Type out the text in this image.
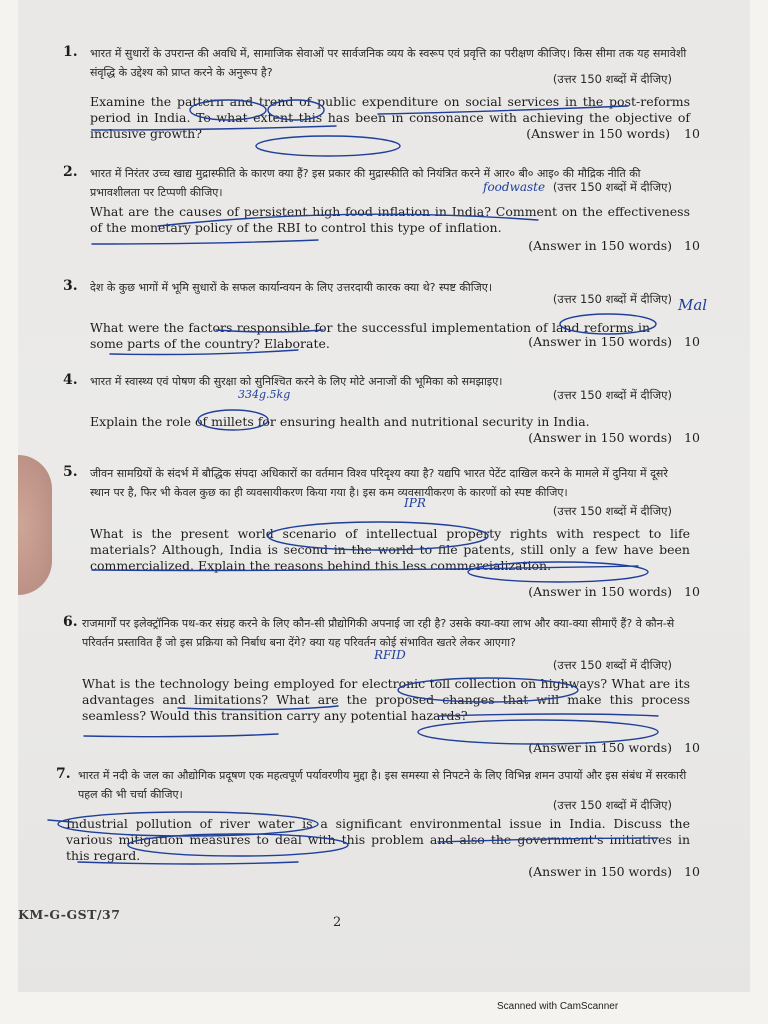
1. भारत में सुधारों के उपरान्त की अवधि में, सामाजिक सेवाओं पर सार्वजनिक व्यय के स्वरूप एवं प्रवृत्ति का परीक्षण कीजिए। किस सीमा तक यह समावेशी संवृद्धि के उद्देश्य को प्राप्त करने के अनुरूप है?	(उत्तर 150 शब्दों में दीजिए)
Examine the pattern and trend of public expenditure on social services in the post-reforms period in India. To what extent this has been in consonance with achieving the objective of inclusive growth?	(Answer in 150 words) 10
2. भारत में निरंतर उच्च खाद्य मुद्रास्फीति के कारण क्या हैं? इस प्रकार की मुद्रास्फीति को नियंत्रित करने में आर० बी० आइ० की मौद्रिक नीति की प्रभावशीलता पर टिप्पणी कीजिए।	(उत्तर 150 शब्दों में दीजिए)
What are the causes of persistent high food inflation in India? Comment on the effectiveness of the monetary policy of the RBI to control this type of inflation.
(Answer in 150 words) 10
3. देश के कुछ भागों में भूमि सुधारों के सफल कार्यान्वयन के लिए उत्तरदायी कारक क्या थे? स्पष्ट कीजिए।
(उत्तर 150 शब्दों में दीजिए)
What were the factors responsible for the successful implementation of land reforms in some parts of the country? Elaborate.	(Answer in 150 words) 10
4. भारत में स्वास्थ्य एवं पोषण की सुरक्षा को सुनिश्चित करने के लिए मोटे अनाजों की भूमिका को समझाइए।
(उत्तर 150 शब्दों में दीजिए)
Explain the role of millets for ensuring health and nutritional security in India.
(Answer in 150 words) 10
5. जीवन सामग्रियों के संदर्भ में बौद्धिक संपदा अधिकारों का वर्तमान विश्व परिदृश्य क्या है? यद्यपि भारत पेटेंट दाखिल करने के मामले में दुनिया में दूसरे स्थान पर है, फिर भी केवल कुछ का ही व्यवसायीकरण किया गया है। इस कम व्यवसायीकरण के कारणों को स्पष्ट कीजिए।
(उत्तर 150 शब्दों में दीजिए)
What is the present world scenario of intellectual property rights with respect to life materials? Although, India is second in the world to file patents, still only a few have been commercialized. Explain the reasons behind this less commercialization.
(Answer in 150 words) 10
6. राजमार्गों पर इलेक्ट्रॉनिक पथ-कर संग्रह करने के लिए कौन-सी प्रौद्योगिकी अपनाई जा रही है? उसके क्या-क्या लाभ और क्या-क्या सीमाएँ हैं? वे कौन-से परिवर्तन प्रस्तावित हैं जो इस प्रक्रिया को निर्बाध बना देंगे? क्या यह परिवर्तन कोई संभावित खतरे लेकर आएगा?
(उत्तर 150 शब्दों में दीजिए)
What is the technology being employed for electronic toll collection on highways? What are its advantages and limitations? What are the proposed changes that will make this process seamless? Would this transition carry any potential hazards?
(Answer in 150 words) 10
7. भारत में नदी के जल का औद्योगिक प्रदूषण एक महत्वपूर्ण पर्यावरणीय मुद्दा है। इस समस्या से निपटने के लिए विभिन्न शमन उपायों और इस संबंध में सरकारी पहल की भी चर्चा कीजिए।
(उत्तर 150 शब्दों में दीजिए)
Industrial pollution of river water is a significant environmental issue in India. Discuss the various mitigation measures to deal with this problem and also the government's initiatives in this regard.
(Answer in 150 words) 10
KM-G-GST/37
2
foodwaste
Mal
334g.5kg
IPR
RFID
Scanned with CamScanner
